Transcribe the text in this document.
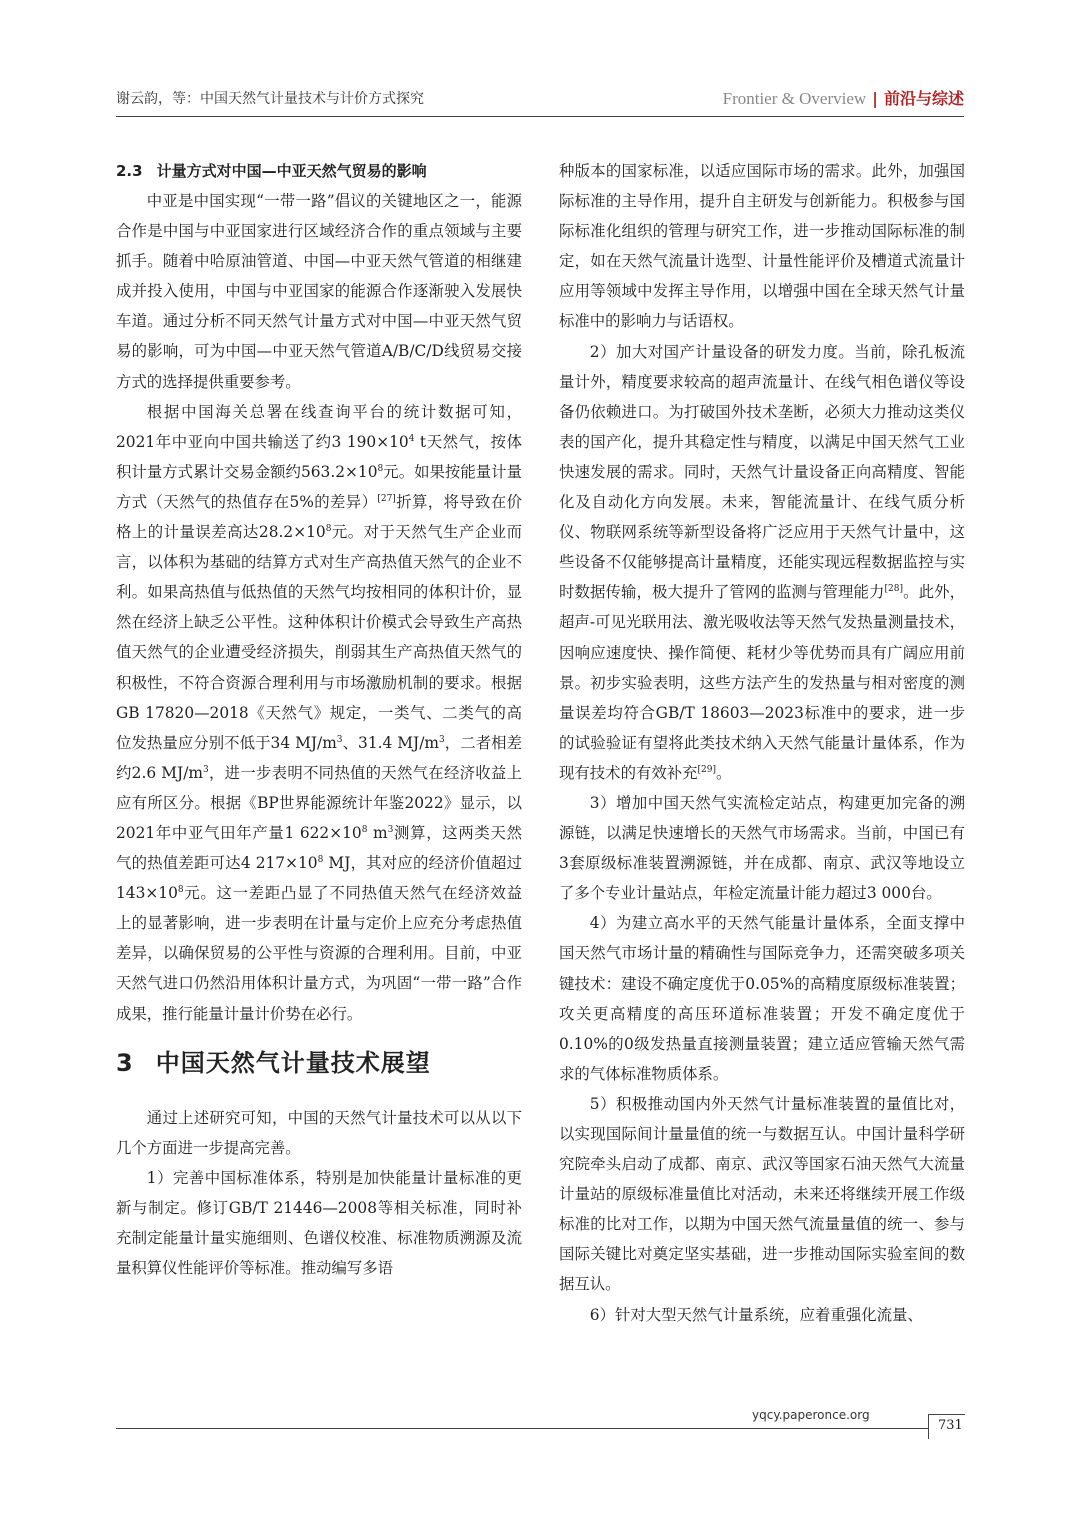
谢云韵，等：中国天然气计量技术与计价方式探究	Frontier & Overview | 前沿与综述
2.3 计量方式对中国—中亚天然气贸易的影响

中亚是中国实现“一带一路”倡议的关键地区之一，能源合作是中国与中亚国家进行区域经济合作的重点领域与主要抓手。随着中哈原油管道、中国—中亚天然气管道的相继建成并投入使用，中国与中亚国家的能源合作逐渐驶入发展快车道。通过分析不同天然气计量方式对中国—中亚天然气贸易的影响，可为中国—中亚天然气管道A/B/C/D线贸易交接方式的选择提供重要参考。

根据中国海关总署在线查询平台的统计数据可知，2021年中亚向中国共输送了约3 $190\times 10^4$ t天然气，按体积计量方式累计交易金额约$563.2\times 10^8$元。如果按能量计量方式（天然气的热值存在5%的差异）[27]折算，将导致在价格上的计量误差高达$28.2\times 10^8$元。对于天然气生产企业而言，以体积为基础的结算方式对生产高热值天然气的企业不利。如果高热值与低热值的天然气均按相同的体积计价，显然在经济上缺乏公平性。这种体积计价模式会导致生产高热值天然气的企业遭受经济损失，削弱其生产高热值天然气的积极性，不符合资源合理利用与市场激励机制的要求。根据GB 17820—2018《天然气》规定，一类气、二类气的高位发热量应分别不低于34 $MJ/m^3$、31.4 $MJ/m^3$，二者相差约2.6 $MJ/m^3$，进一步表明不同热值的天然气在经济收益上应有所区分。根据《BP世界能源统计年鉴2022》显示，以2021年中亚气田年产量1 $622\times 10^8$ $m^3$测算，这两类天然气的热值差距可达4 $217\times 10^8$ MJ，其对应的经济价值超过$143\times 10^8$元。这一差距凸显了不同热值天然气在经济效益上的显著影响，进一步表明在计量与定价上应充分考虑热值差异，以确保贸易的公平性与资源的合理利用。目前，中亚天然气进口仍然沿用体积计量方式，为巩固“一带一路”合作成果，推行能量计量计价势在必行。

3 中国天然气计量技术展望

通过上述研究可知，中国的天然气计量技术可以从以下几个方面进一步提高完善。

1）完善中国标准体系，特别是加快能量计量标准的更新与制定。修订GB/T 21446—2008等相关标准，同时补充制定能量计量实施细则、色谱仪校准、标准物质溯源及流量积算仪性能评价等标准。推动编写多语

种版本的国家标准，以适应国际市场的需求。此外，加强国际标准的主导作用，提升自主研发与创新能力。积极参与国际标准化组织的管理与研究工作，进一步推动国际标准的制定，如在天然气流量计选型、计量性能评价及槽道式流量计应用等领域中发挥主导作用，以增强中国在全球天然气计量标准中的影响力与话语权。

2）加大对国产计量设备的研发力度。当前，除孔板流量计外，精度要求较高的超声流量计、在线气相色谱仪等设备仍依赖进口。为打破国外技术垄断，必须大力推动这类仪表的国产化，提升其稳定性与精度，以满足中国天然气工业快速发展的需求。同时，天然气计量设备正向高精度、智能化及自动化方向发展。未来，智能流量计、在线气质分析仪、物联网系统等新型设备将广泛应用于天然气计量中，这些设备不仅能够提高计量精度，还能实现远程数据监控与实时数据传输，极大提升了管网的监测与管理能力[28]。此外，超声-可见光联用法、激光吸收法等天然气发热量测量技术，因响应速度快、操作简便、耗材少等优势而具有广阔应用前景。初步实验表明，这些方法产生的发热量与相对密度的测量误差均符合GB/T 18603—2023标准中的要求，进一步的试验验证有望将此类技术纳入天然气能量计量体系，作为现有技术的有效补充[29]。

3）增加中国天然气实流检定站点，构建更加完备的溯源链，以满足快速增长的天然气市场需求。当前，中国已有3套原级标准装置溯源链，并在成都、南京、武汉等地设立了多个专业计量站点，年检定流量计能力超过3 000台。

4）为建立高水平的天然气能量计量体系，全面支撑中国天然气市场计量的精确性与国际竞争力，还需突破多项关键技术：建设不确定度优于0.05%的高精度原级标准装置；攻关更高精度的高压环道标准装置；开发不确定度优于0.10%的0级发热量直接测量装置；建立适应管输天然气需求的气体标准物质体系。

5）积极推动国内外天然气计量标准装置的量值比对，以实现国际间计量量值的统一与数据互认。中国计量科学研究院牵头启动了成都、南京、武汉等国家石油天然气大流量计量站的原级标准量值比对活动，未来还将继续开展工作级标准的比对工作，以期为中国天然气流量量值的统一、参与国际关键比对奠定坚实基础，进一步推动国际实验室间的数据互认。

6）针对大型天然气计量系统，应着重强化流量、

yqcy.paperonce.org
731
